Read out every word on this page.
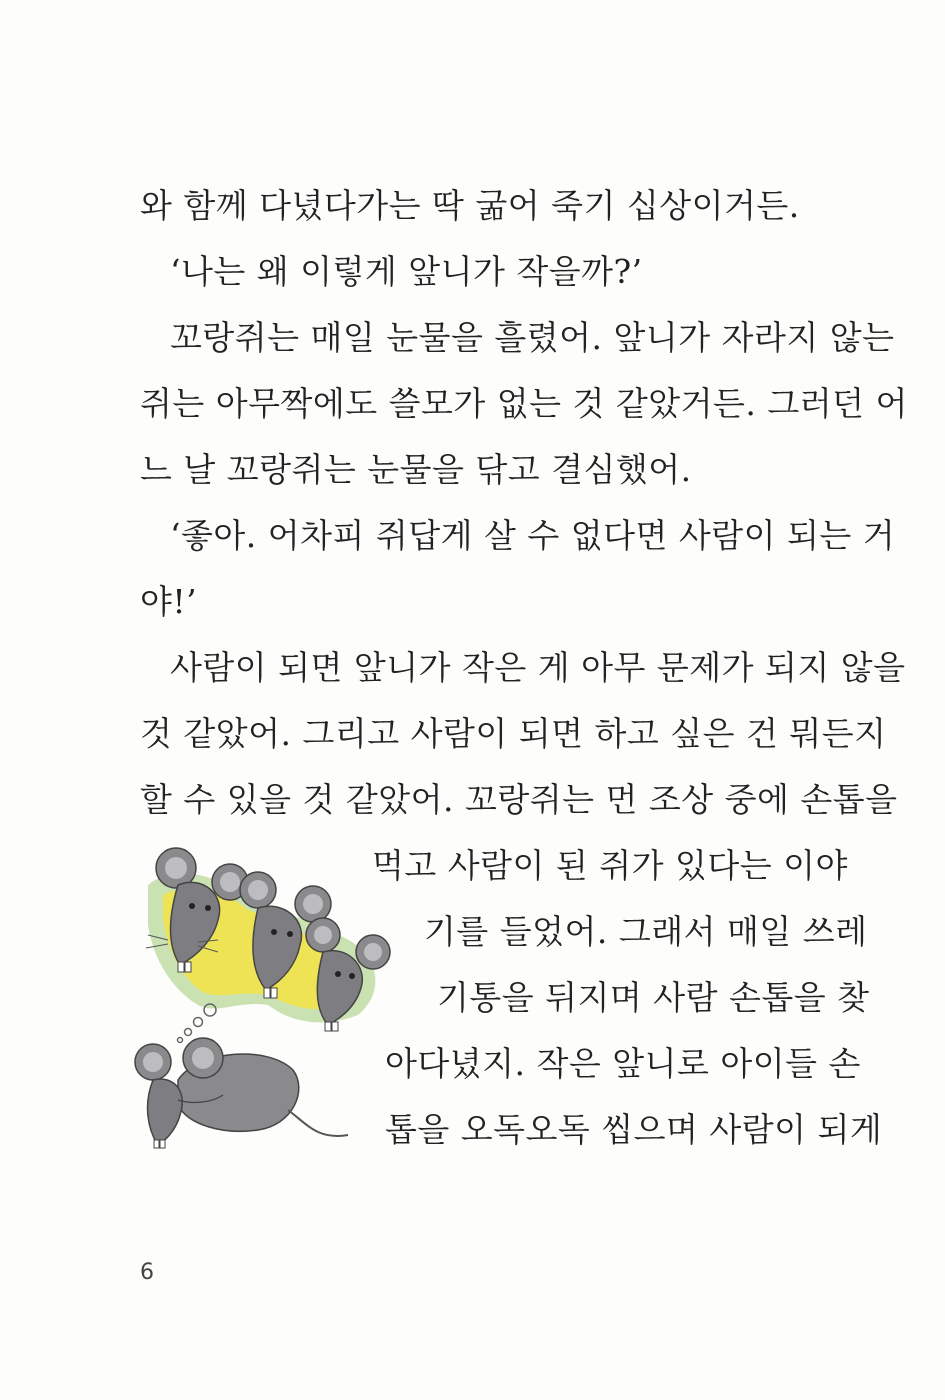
와 함께 다녔다가는 딱 굶어 죽기 십상이거든.
‘나는 왜 이렇게 앞니가 작을까?’
꼬랑쥐는 매일 눈물을 흘렸어. 앞니가 자라지 않는
쥐는 아무짝에도 쓸모가 없는 것 같았거든. 그러던 어
느 날 꼬랑쥐는 눈물을 닦고 결심했어.
‘좋아. 어차피 쥐답게 살 수 없다면 사람이 되는 거
야!’
사람이 되면 앞니가 작은 게 아무 문제가 되지 않을
것 같았어. 그리고 사람이 되면 하고 싶은 건 뭐든지
할 수 있을 것 같았어. 꼬랑쥐는 먼 조상 중에 손톱을
먹고 사람이 된 쥐가 있다는 이야
기를 들었어. 그래서 매일 쓰레
기통을 뒤지며 사람 손톱을 찾
아다녔지. 작은 앞니로 아이들 손
톱을 오독오독 씹으며 사람이 되게
6
